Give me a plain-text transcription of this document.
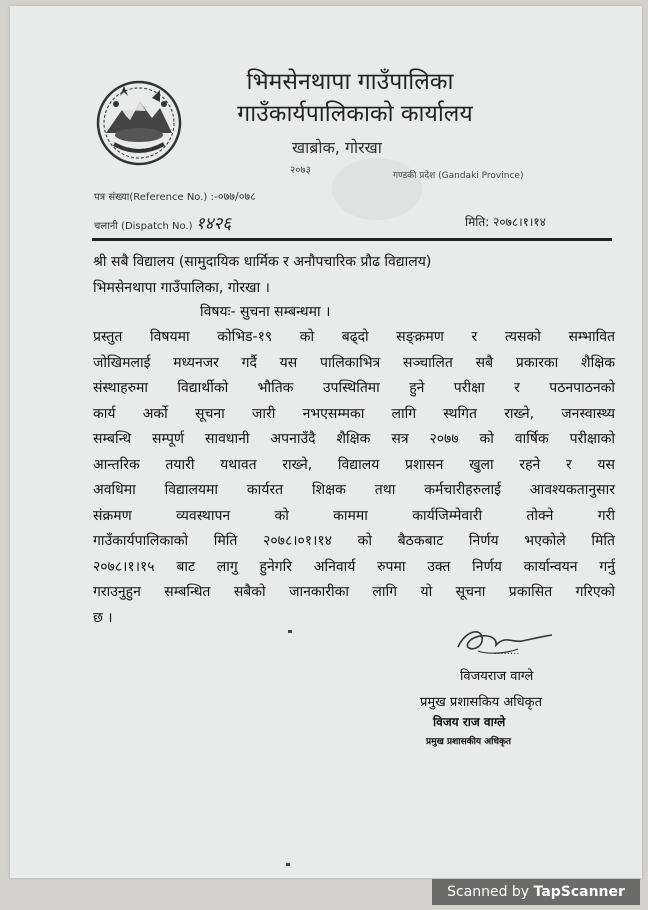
भिमसेनथापा गाउँपालिका
गाउँकार्यपालिकाको कार्यालय
खाब्रोक, गोरखा
२०७३	गण्डकी प्रदेश (Gandaki Province)
पत्र संख्या(Reference No.) :-०७७/०७८
चलानी (Dispatch No.) १४२६	मिति: २०७८।१।१४
श्री सबै विद्यालय (सामुदायिक धार्मिक र अनौपचारिक प्रौढ विद्यालय)
भिमसेनथापा गाउँपालिका, गोरखा ।
विषयः- सुचना सम्बन्धमा ।
प्रस्तुत विषयमा कोभिड-१९ को बढ्दो सङ्क्रमण र त्यसको सम्भावित
जोखिमलाई मध्यनजर गर्दै यस पालिकाभित्र सञ्चालित सबै प्रकारका शैक्षिक
संस्थाहरुमा विद्यार्थीको भौतिक उपस्थितिमा हुने परीक्षा र पठनपाठनको
कार्य अर्को सूचना जारी नभएसम्मका लागि स्थगित राख्ने, जनस्वास्थ्य
सम्बन्धि सम्पूर्ण सावधानी अपनाउँदै शैक्षिक सत्र २०७७ को वार्षिक परीक्षाको
आन्तरिक तयारी यथावत राख्ने, विद्यालय प्रशासन खुला रहने र यस
अवधिमा विद्यालयमा कार्यरत शिक्षक तथा कर्मचारीहरुलाई आवश्यकतानुसार
संक्रमण व्यवस्थापन को काममा कार्यजिम्मेवारी तोक्ने गरी
गाउँकार्यपालिकाको मिति २०७८।०१।१४ को बैठकबाट निर्णय भएकोले मिति
२०७८।१।१५ बाट लागु हुनेगरि अनिवार्य रुपमा उक्त निर्णय कार्यान्वयन गर्नु
गराउनुहुन सम्बन्धित सबैको जानकारीका लागि यो सूचना प्रकासित गरिएको
छ ।
........
विजयराज वाग्ले
प्रमुख प्रशासकिय अधिकृत
विजय राज वाग्ले
प्रमुख प्रशासकीय अधिकृत
Scanned by TapScanner
